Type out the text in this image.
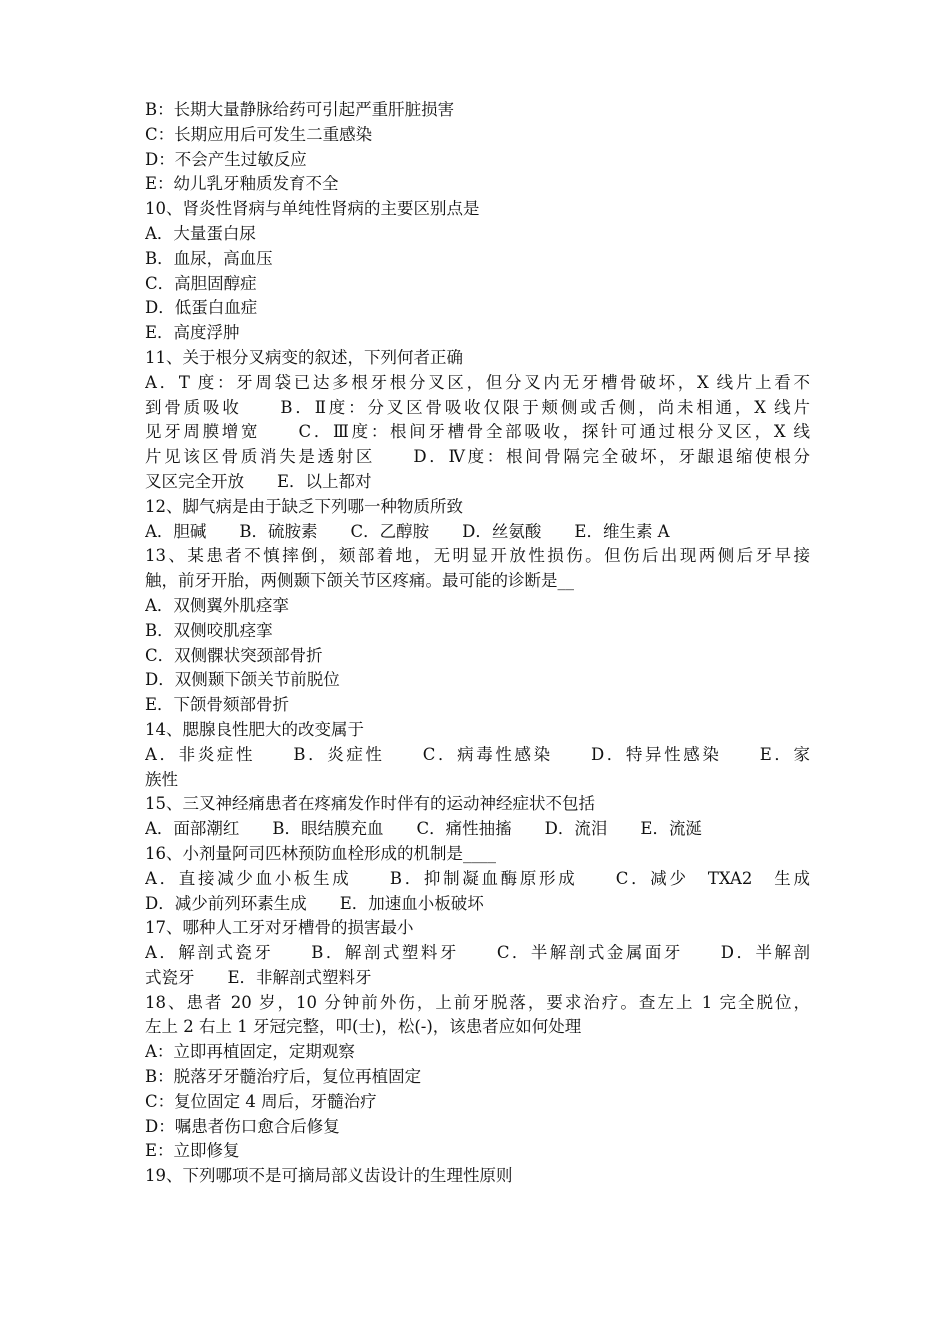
B：长期大量静脉给药可引起严重肝脏损害
C：长期应用后可发生二重感染
D：不会产生过敏反应
E：幼儿乳牙釉质发育不全
10、肾炎性肾病与单纯性肾病的主要区别点是
A．大量蛋白尿
B．血尿，高血压
C．高胆固醇症
D．低蛋白血症
E．高度浮肿
11、关于根分叉病变的叙述，下列何者正确
A．T 度：牙周袋已达多根牙根分叉区，但分叉内无牙槽骨破坏，X 线片上看不
到骨质吸收　　B．Ⅱ度：分叉区骨吸收仅限于颊侧或舌侧，尚未相通，X 线片
见牙周膜增宽　　C．Ⅲ度：根间牙槽骨全部吸收，探针可通过根分叉区，X 线
片见该区骨质消失是透射区　　D．Ⅳ度：根间骨隔完全破坏，牙龈退缩使根分
叉区完全开放　　E．以上都对
12、脚气病是由于缺乏下列哪一种物质所致
A．胆碱　　B．硫胺素　　C．乙醇胺　　D．丝氨酸　　E．维生素 A
13、某患者不慎摔倒，颏部着地，无明显开放性损伤。但伤后出现两侧后牙早接
触，前牙开胎，两侧颞下颌关节区疼痛。最可能的诊断是__
A．双侧翼外肌痉挛
B．双侧咬肌痉挛
C．双侧髁状突颈部骨折
D．双侧颞下颌关节前脱位
E．下颌骨颏部骨折
14、腮腺良性肥大的改变属于
A．非炎症性　　B．炎症性　　C．病毒性感染　　D．特异性感染　　E．家
族性
15、三叉神经痛患者在疼痛发作时伴有的运动神经症状不包括
A．面部潮红　　B．眼结膜充血　　C．痛性抽搐　　D．流泪　　E．流涎
16、小剂量阿司匹林预防血栓形成的机制是____
A．直接减少血小板生成　　B．抑制凝血酶原形成　　C．减少　TXA2　生成
D．减少前列环素生成　　E．加速血小板破坏
17、哪种人工牙对牙槽骨的损害最小
A．解剖式瓷牙　　B．解剖式塑料牙　　C．半解剖式金属面牙　　D．半解剖
式瓷牙　　E．非解剖式塑料牙
18、患者 20 岁，10 分钟前外伤，上前牙脱落，要求治疗。查左上 1 完全脱位，
左上 2 右上 1 牙冠完整，叩(士)，松(-)，该患者应如何处理
A：立即再植固定，定期观察
B：脱落牙牙髓治疗后，复位再植固定
C：复位固定 4 周后，牙髓治疗
D：嘱患者伤口愈合后修复
E：立即修复
19、下列哪项不是可摘局部义齿设计的生理性原则
